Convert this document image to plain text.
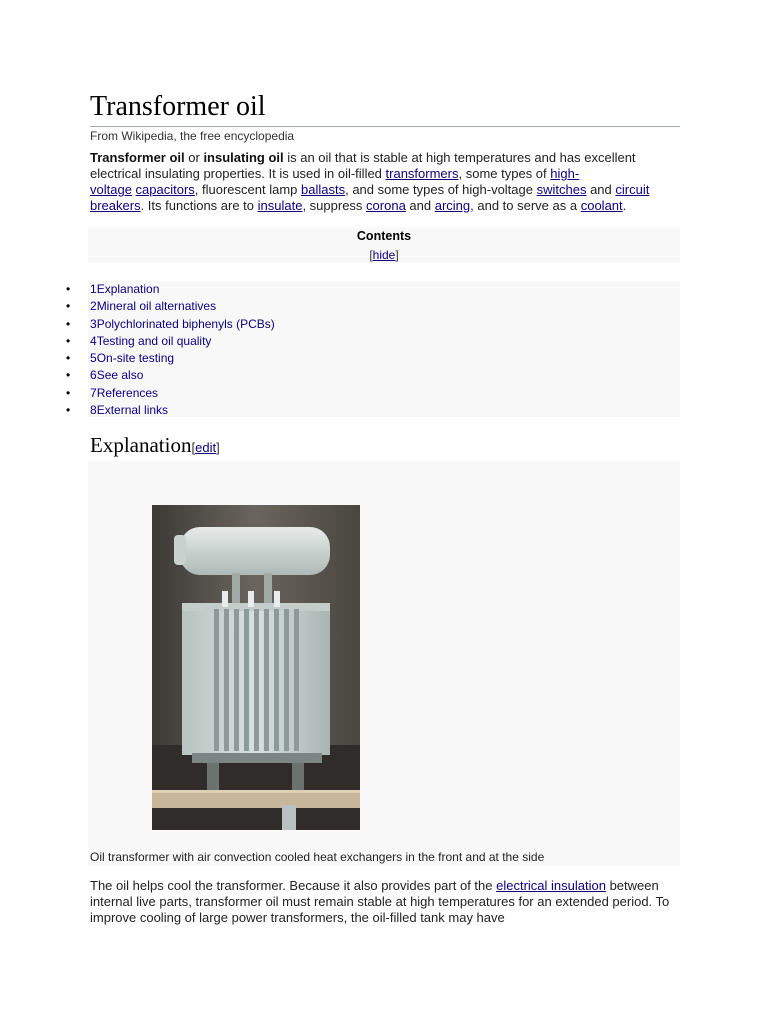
Transformer oil
From Wikipedia, the free encyclopedia

Transformer oil or insulating oil is an oil that is stable at high temperatures and has excellent electrical insulating properties. It is used in oil-filled transformers, some types of high-
voltage capacitors, fluorescent lamp ballasts, and some types of high-voltage switches and circuit
breakers. Its functions are to insulate, suppress corona and arcing, and to serve as a coolant.

Contents
[hide]
• 1Explanation
• 2Mineral oil alternatives
• 3Polychlorinated biphenyls (PCBs)
• 4Testing and oil quality
• 5On-site testing
• 6See also
• 7References
• 8External links
Explanation[edit]
Oil transformer with air convection cooled heat exchangers in the front and at the side

The oil helps cool the transformer. Because it also provides part of the electrical insulation between internal live parts, transformer oil must remain stable at high temperatures for an extended period. To improve cooling of large power transformers, the oil-filled tank may have
